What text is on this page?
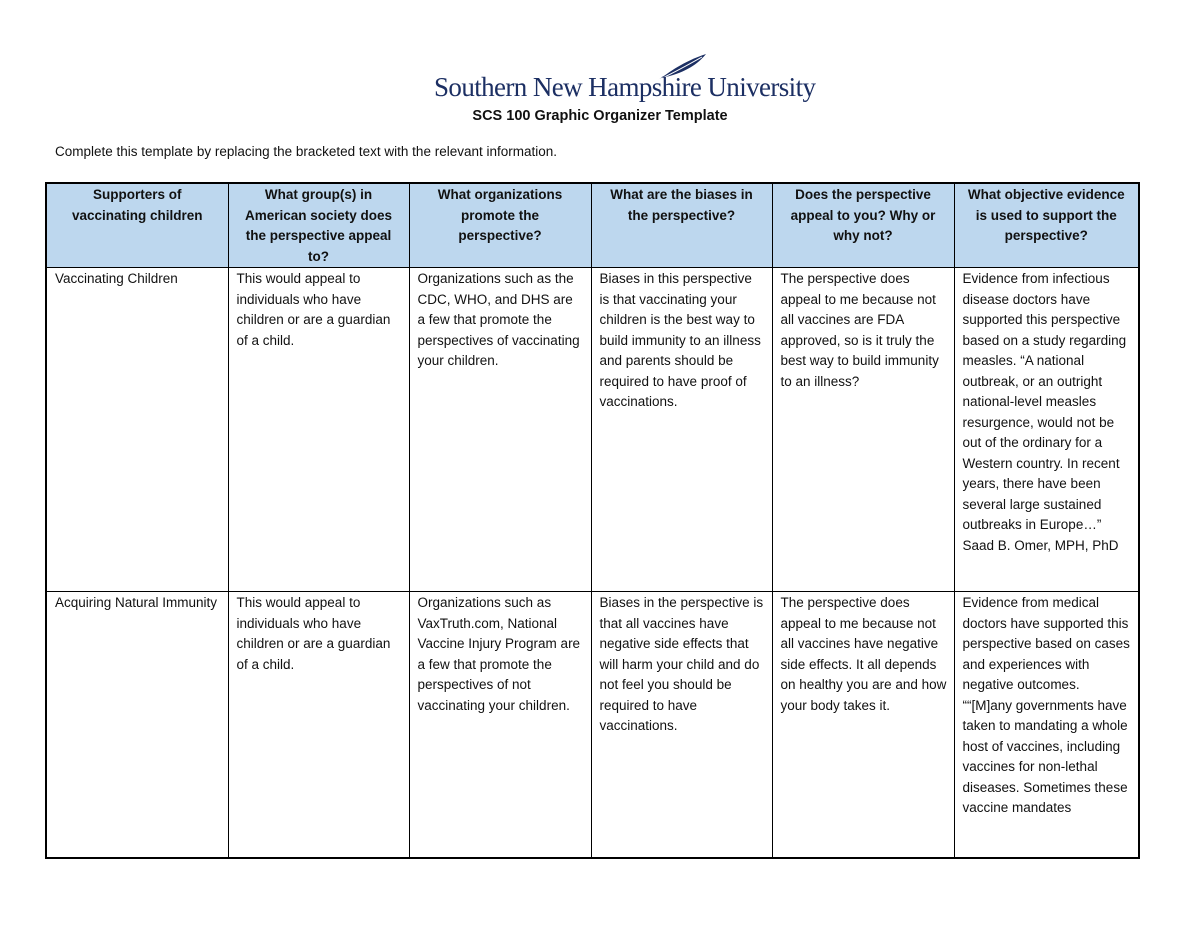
Southern New Hampshire University
SCS 100 Graphic Organizer Template
Complete this template by replacing the bracketed text with the relevant information.
Supporters of vaccinating children	What group(s) in American society does the perspective appeal to?	What organizations promote the perspective?	What are the biases in the perspective?	Does the perspective appeal to you? Why or why not?	What objective evidence is used to support the perspective?
Vaccinating Children	This would appeal to individuals who have children or are a guardian of a child.	Organizations such as the CDC, WHO, and DHS are a few that promote the perspectives of vaccinating your children.	Biases in this perspective is that vaccinating your children is the best way to build immunity to an illness and parents should be required to have proof of vaccinations.	The perspective does appeal to me because not all vaccines are FDA approved, so is it truly the best way to build immunity to an illness?	Evidence from infectious disease doctors have supported this perspective based on a study regarding measles. “A national outbreak, or an outright national-level measles resurgence, would not be out of the ordinary for a Western country. In recent years, there have been several large sustained outbreaks in Europe…” Saad B. Omer, MPH, PhD
Acquiring Natural Immunity	This would appeal to individuals who have children or are a guardian of a child.	Organizations such as VaxTruth.com, National Vaccine Injury Program are a few that promote the perspectives of not vaccinating your children.	Biases in the perspective is that all vaccines have negative side effects that will harm your child and do not feel you should be required to have vaccinations.	The perspective does appeal to me because not all vaccines have negative side effects. It all depends on healthy you are and how your body takes it.	Evidence from medical doctors have supported this perspective based on cases and experiences with negative outcomes. ““[M]any governments have taken to mandating a whole host of vaccines, including vaccines for non-lethal diseases. Sometimes these vaccine mandates
